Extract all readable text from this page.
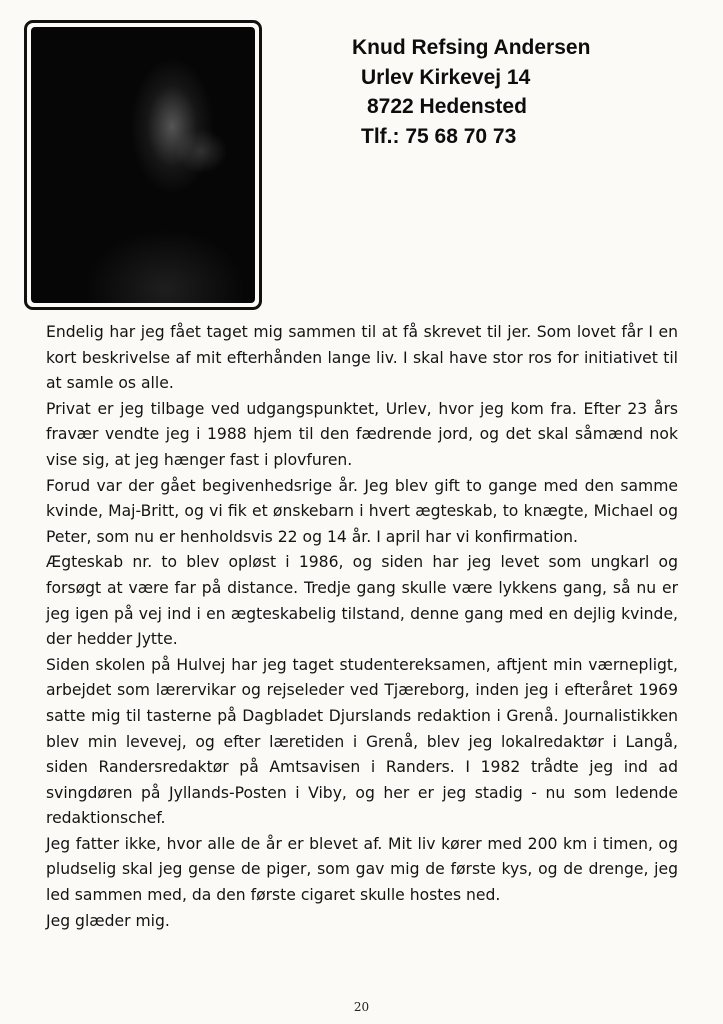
Knud Refsing Andersen
Urlev Kirkevej 14
8722 Hedensted
Tlf.: 75 68 70 73

Endelig har jeg fået taget mig sammen til at få skrevet til jer. Som lovet får I en kort beskrivelse af mit efterhånden lange liv. I skal have stor ros for initiativet til at samle os alle.

Privat er jeg tilbage ved udgangspunktet, Urlev, hvor jeg kom fra. Efter 23 års fravær vendte jeg i 1988 hjem til den fædrende jord, og det skal såmænd nok vise sig, at jeg hænger fast i plovfuren.

Forud var der gået begivenhedsrige år. Jeg blev gift to gange med den samme kvinde, Maj-Britt, og vi fik et ønskebarn i hvert ægteskab, to knægte, Michael og Peter, som nu er henholdsvis 22 og 14 år. I april har vi konfirmation.

Ægteskab nr. to blev opløst i 1986, og siden har jeg levet som ungkarl og forsøgt at være far på distance. Tredje gang skulle være lykkens gang, så nu er jeg igen på vej ind i en ægteskabelig tilstand, denne gang med en dejlig kvinde, der hedder Jytte.

Siden skolen på Hulvej har jeg taget studentereksamen, aftjent min værnepligt, arbejdet som lærervikar og rejseleder ved Tjæreborg, inden jeg i efteråret 1969 satte mig til tasterne på Dagbladet Djurslands redaktion i Grenå. Journalistikken blev min levevej, og efter læretiden i Grenå, blev jeg lokalredaktør i Langå, siden Randersredaktør på Amtsavisen i Randers. I 1982 trådte jeg ind ad svingdøren på Jyllands-Posten i Viby, og her er jeg stadig - nu som ledende redaktionschef.

Jeg fatter ikke, hvor alle de år er blevet af. Mit liv kører med 200 km i timen, og pludselig skal jeg gense de piger, som gav mig de første kys, og de drenge, jeg led sammen med, da den første cigaret skulle hostes ned.

Jeg glæder mig.

20
